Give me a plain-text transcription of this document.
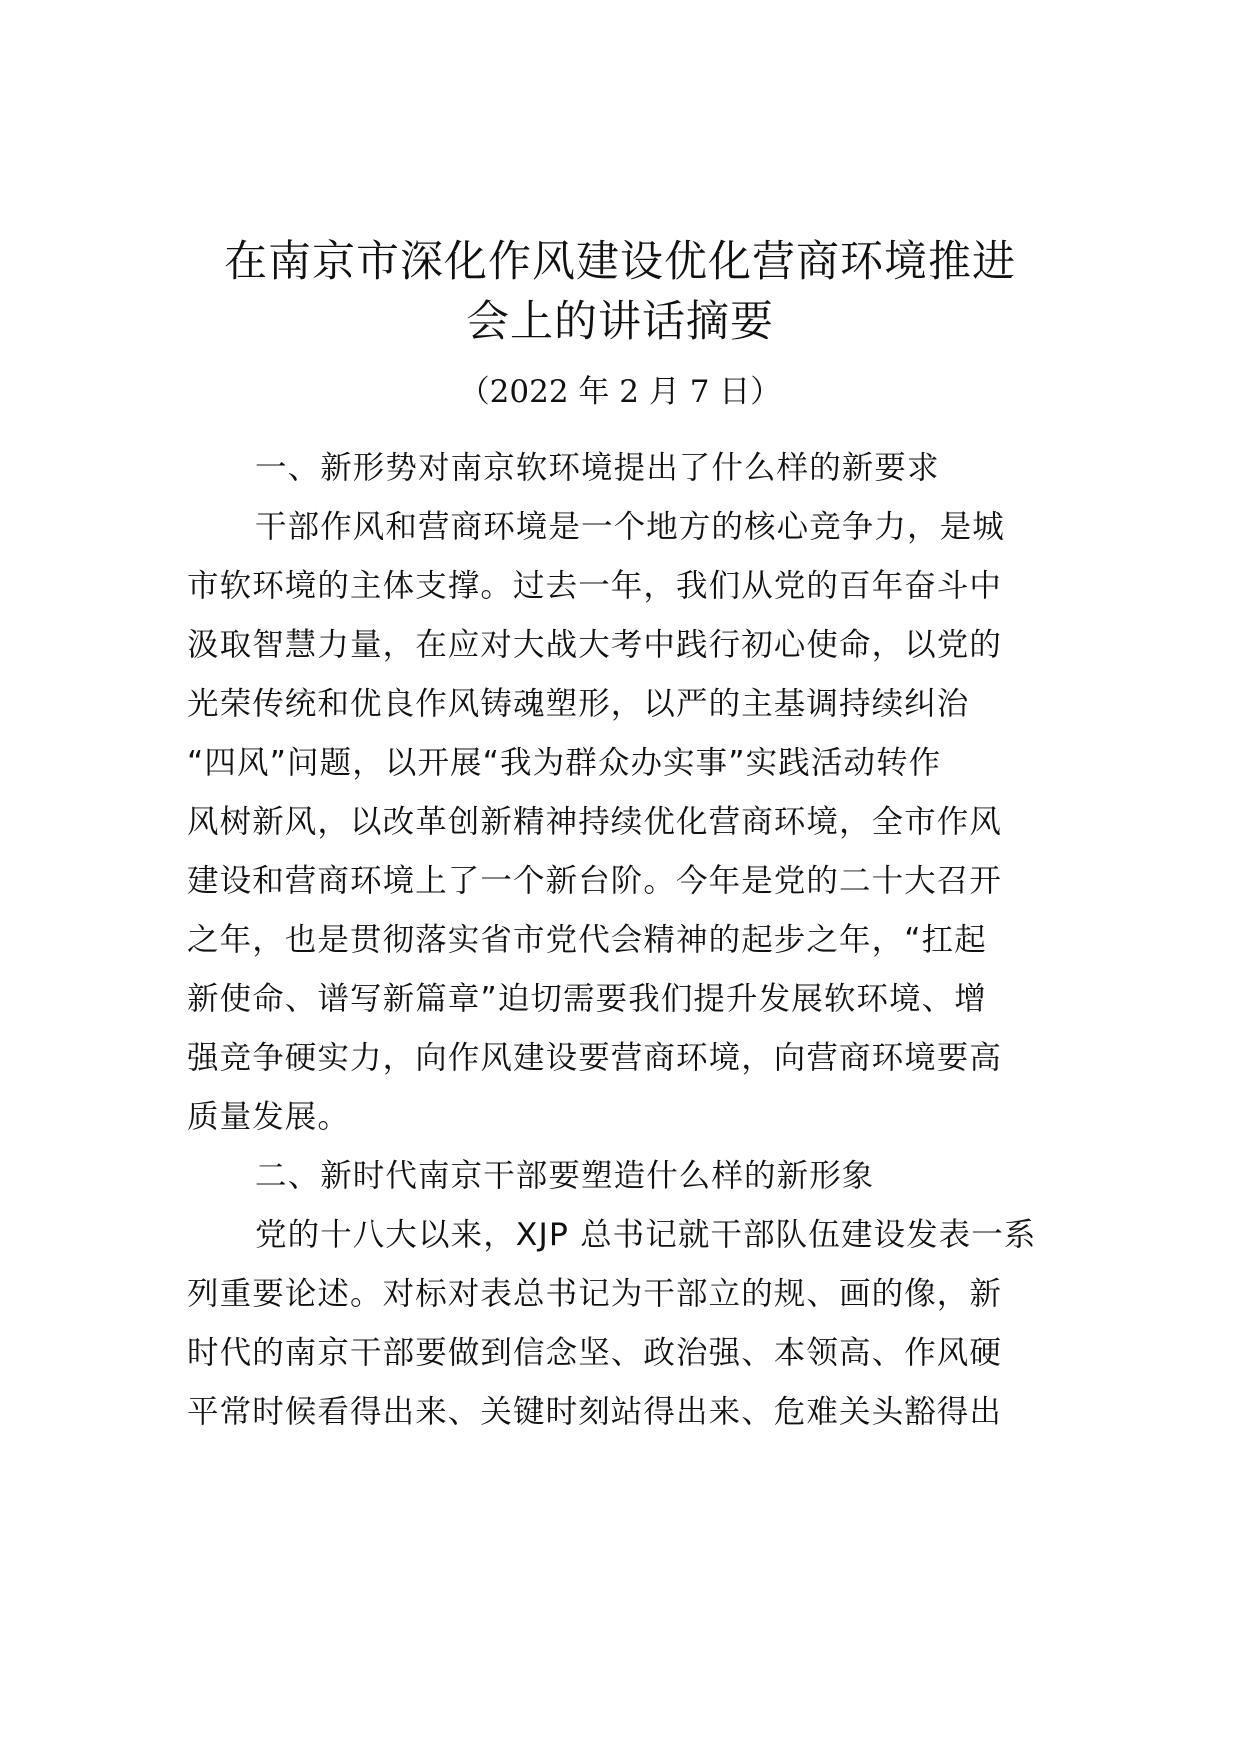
在南京市深化作风建设优化营商环境推进
会上的讲话摘要
（2022 年 2 月 7 日）
一、新形势对南京软环境提出了什么样的新要求
干部作风和营商环境是一个地方的核心竞争力，是城
市软环境的主体支撑。过去一年，我们从党的百年奋斗中
汲取智慧力量，在应对大战大考中践行初心使命，以党的
光荣传统和优良作风铸魂塑形，以严的主基调持续纠治
“四风”问题，以开展“我为群众办实事”实践活动转作
风树新风，以改革创新精神持续优化营商环境，全市作风
建设和营商环境上了一个新台阶。今年是党的二十大召开
之年，也是贯彻落实省市党代会精神的起步之年，“扛起
新使命、谱写新篇章”迫切需要我们提升发展软环境、增
强竞争硬实力，向作风建设要营商环境，向营商环境要高
质量发展。
二、新时代南京干部要塑造什么样的新形象
党的十八大以来，XJP 总书记就干部队伍建设发表一系
列重要论述。对标对表总书记为干部立的规、画的像，新
时代的南京干部要做到信念坚、政治强、本领高、作风硬
平常时候看得出来、关键时刻站得出来、危难关头豁得出
